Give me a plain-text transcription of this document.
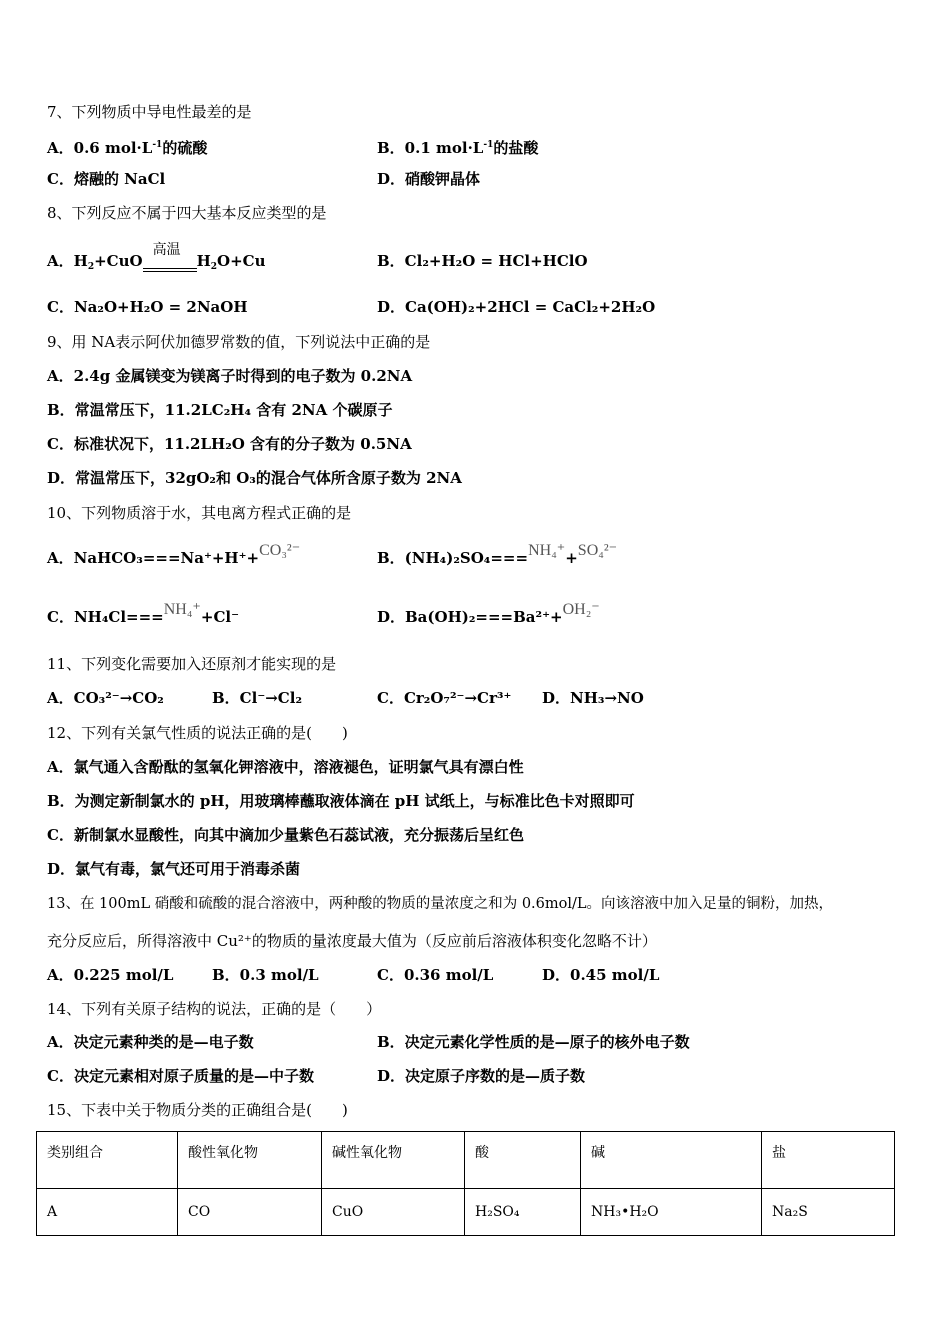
7、下列物质中导电性最差的是
A．0.6 $mol\cdot L^{-1}$的硫酸	B．0.1 $mol\cdot L^{-1}$的盐酸
C．熔融的 NaCl	D．硝酸钾晶体
8、下列反应不属于四大基本反应类型的是
A．$H_2+CuO$
高温
$H_2O+Cu$	B．Cl₂+H₂O = HCl+HClO
C．Na₂O+H₂O = 2NaOH	D．Ca(OH)₂+2HCl = CaCl₂+2H₂O
9、用 NA表示阿伏加德罗常数的值，下列说法中正确的是
A．2.4g 金属镁变为镁离子时得到的电子数为 0.2NA
B．常温常压下，11.2LC₂H₄ 含有 2NA 个碳原子
C．标准状况下，11.2LH₂O 含有的分子数为 0.5NA
D．常温常压下，32gO₂和 O₃的混合气体所含原子数为 2NA
10、下列物质溶于水，其电离方程式正确的是
A．NaHCO₃===Na⁺+H⁺+CO₃²⁻	B．(NH₄)₂SO₄===NH₄⁺+SO₄²⁻
C．NH₄Cl===NH₄⁺+Cl⁻	D．Ba(OH)₂===Ba²⁺+OH₂⁻
11、下列变化需要加入还原剂才能实现的是
A．CO₃²⁻→CO₂	B．Cl⁻→Cl₂	C．Cr₂O₇²⁻→Cr³⁺ D．NH₃→NO
12、下列有关氯气性质的说法正确的是(　　)
A．氯气通入含酚酞的氢氧化钾溶液中，溶液褪色，证明氯气具有漂白性
B．为测定新制氯水的 pH，用玻璃棒蘸取液体滴在 pH 试纸上，与标准比色卡对照即可
C．新制氯水显酸性，向其中滴加少量紫色石蕊试液，充分振荡后呈红色
D．氯气有毒，氯气还可用于消毒杀菌
13、在 100mL 硝酸和硫酸的混合溶液中，两种酸的物质的量浓度之和为 0.6mol/L。向该溶液中加入足量的铜粉，加热，
充分反应后，所得溶液中 Cu²⁺的物质的量浓度最大值为（反应前后溶液体积变化忽略不计）
A．0.225 mol/L	B．0.3 mol/L	C．0.36 mol/L	D．0.45 mol/L
14、下列有关原子结构的说法，正确的是（　　）
A．决定元素种类的是—电子数	B．决定元素化学性质的是—原子的核外电子数
C．决定元素相对原子质量的是—中子数	D．决定原子序数的是—质子数
15、下表中关于物质分类的正确组合是(　　)
类别组合	酸性氧化物	碱性氧化物	酸	碱	盐
A	CO	CuO	H₂SO₄	NH₃•H₂O	Na₂S
